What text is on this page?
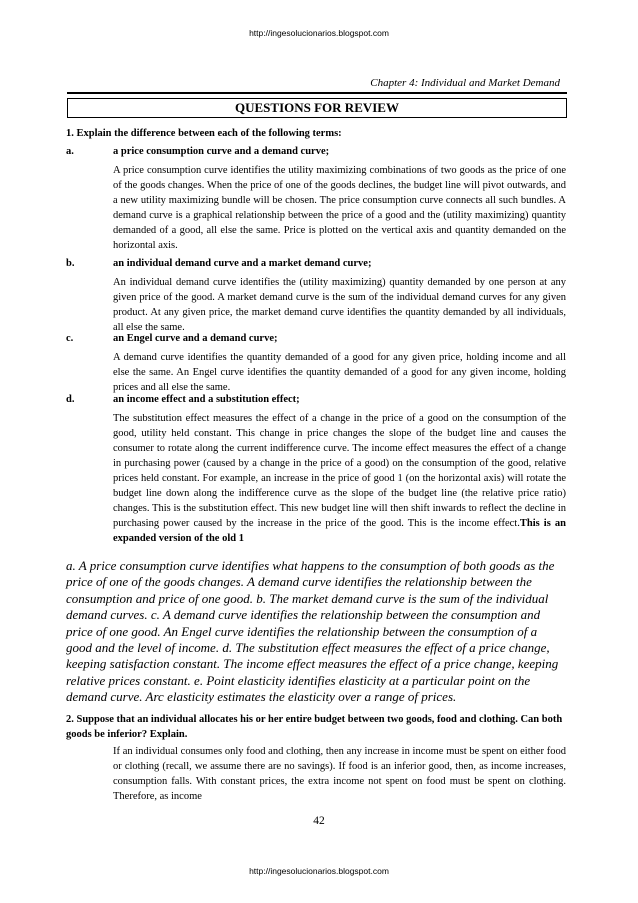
http://ingesolucionarios.blogspot.com
Chapter 4: Individual and Market Demand
QUESTIONS FOR REVIEW
1. Explain the difference between each of the following terms:
a.	a price consumption curve and a demand curve;
A price consumption curve identifies the utility maximizing combinations of two goods as the price of one of the goods changes. When the price of one of the goods declines, the budget line will pivot outwards, and a new utility maximizing bundle will be chosen. The price consumption curve connects all such bundles. A demand curve is a graphical relationship between the price of a good and the (utility maximizing) quantity demanded of a good, all else the same. Price is plotted on the vertical axis and quantity demanded on the horizontal axis.
b.	an individual demand curve and a market demand curve;
An individual demand curve identifies the (utility maximizing) quantity demanded by one person at any given price of the good. A market demand curve is the sum of the individual demand curves for any given product. At any given price, the market demand curve identifies the quantity demanded by all individuals, all else the same.
c.	an Engel curve and a demand curve;
A demand curve identifies the quantity demanded of a good for any given price, holding income and all else the same. An Engel curve identifies the quantity demanded of a good for any given income, holding prices and all else the same.
d.	an income effect and a substitution effect;
The substitution effect measures the effect of a change in the price of a good on the consumption of the good, utility held constant. This change in price changes the slope of the budget line and causes the consumer to rotate along the current indifference curve. The income effect measures the effect of a change in purchasing power (caused by a change in the price of a good) on the consumption of the good, relative prices held constant. For example, an increase in the price of good 1 (on the horizontal axis) will rotate the budget line down along the indifference curve as the slope of the budget line (the relative price ratio) changes. This is the substitution effect. This new budget line will then shift inwards to reflect the decline in purchasing power caused by the increase in the price of the good. This is the income effect.This is an expanded version of the old 1
a. A price consumption curve identifies what happens to the consumption of both goods as the price of one of the goods changes. A demand curve identifies the relationship between the consumption and price of one good. b. The market demand curve is the sum of the individual demand curves. c. A demand curve identifies the relationship between the consumption and price of one good. An Engel curve identifies the relationship between the consumption of a good and the level of income. d. The substitution effect measures the effect of a price change, keeping satisfaction constant. The income effect measures the effect of a price change, keeping relative prices constant. e. Point elasticity identifies elasticity at a particular point on the demand curve. Arc elasticity estimates the elasticity over a range of prices.
2. Suppose that an individual allocates his or her entire budget between two goods, food and clothing. Can both goods be inferior? Explain.
If an individual consumes only food and clothing, then any increase in income must be spent on either food or clothing (recall, we assume there are no savings). If food is an inferior good, then, as income increases, consumption falls. With constant prices, the extra income not spent on food must be spent on clothing. Therefore, as income
42
http://ingesolucionarios.blogspot.com
